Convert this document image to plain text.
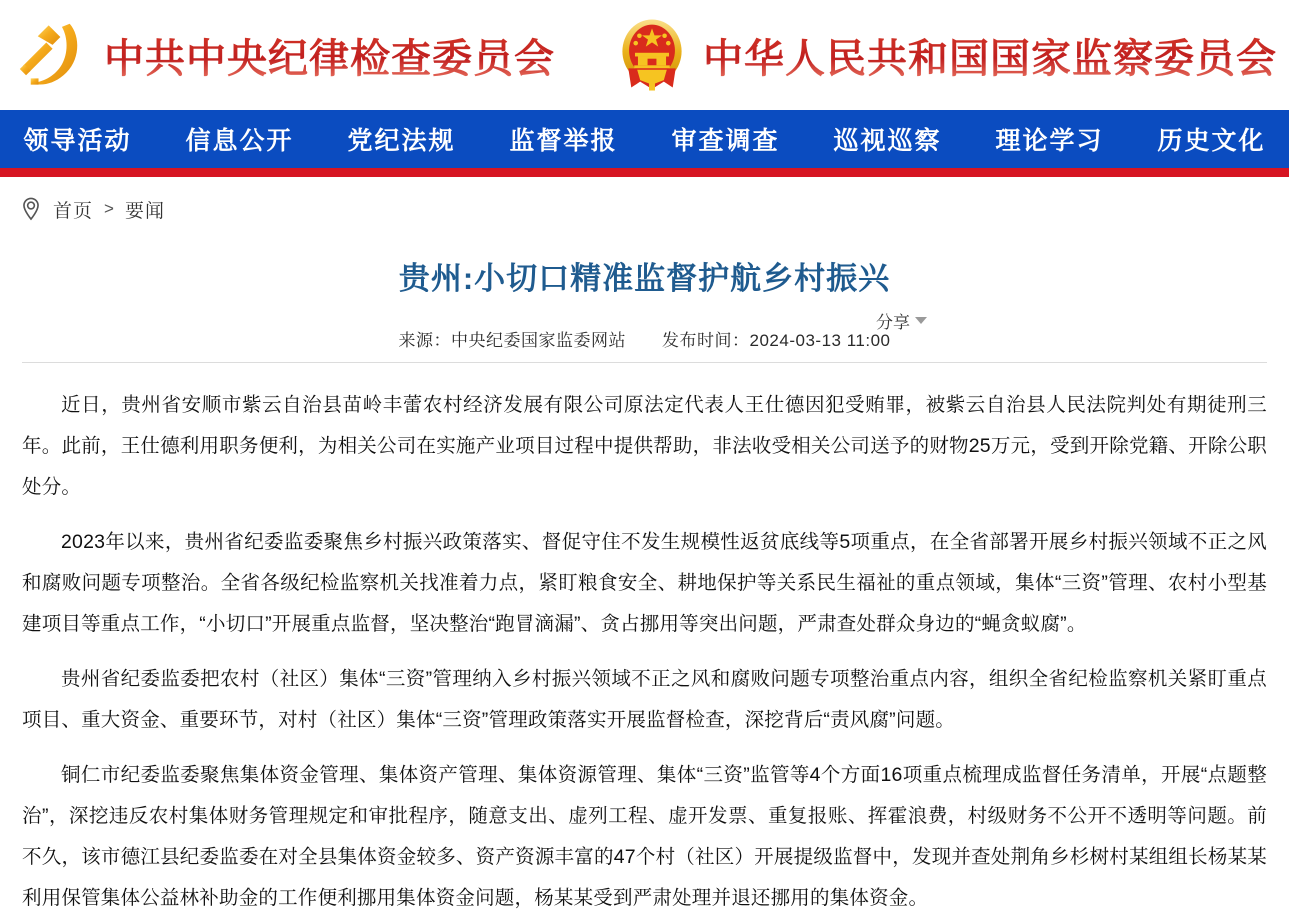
中共中央纪律检查委员会	中华人民共和国国家监察委员会
领导活动	信息公开	党纪法规	监督举报	审查调查	巡视巡察	理论学习	历史文化
首页 > 要闻
贵州:小切口精准监督护航乡村振兴
分享
来源：中央纪委国家监委网站 发布时间：2024-03-13 11:00

近日，贵州省安顺市紫云自治县苗岭丰蕾农村经济发展有限公司原法定代表人王仕德因犯受贿罪，被紫云自治县人民法院判处有期徒刑三年。此前，王仕德利用职务便利，为相关公司在实施产业项目过程中提供帮助，非法收受相关公司送予的财物25万元，受到开除党籍、开除公职处分。

2023年以来，贵州省纪委监委聚焦乡村振兴政策落实、督促守住不发生规模性返贫底线等5项重点，在全省部署开展乡村振兴领域不正之风和腐败问题专项整治。全省各级纪检监察机关找准着力点，紧盯粮食安全、耕地保护等关系民生福祉的重点领域，集体“三资”管理、农村小型基建项目等重点工作，“小切口”开展重点监督，坚决整治“跑冒滴漏”、贪占挪用等突出问题，严肃查处群众身边的“蝇贪蚁腐”。

贵州省纪委监委把农村（社区）集体“三资”管理纳入乡村振兴领域不正之风和腐败问题专项整治重点内容，组织全省纪检监察机关紧盯重点项目、重大资金、重要环节，对村（社区）集体“三资”管理政策落实开展监督检查，深挖背后“责风腐”问题。

铜仁市纪委监委聚焦集体资金管理、集体资产管理、集体资源管理、集体“三资”监管等4个方面16项重点梳理成监督任务清单，开展“点题整治”，深挖违反农村集体财务管理规定和审批程序，随意支出、虚列工程、虚开发票、重复报账、挥霍浪费，村级财务不公开不透明等问题。前不久，该市德江县纪委监委在对全县集体资金较多、资产资源丰富的47个村（社区）开展提级监督中，发现并查处荆角乡杉树村某组组长杨某某利用保管集体公益林补助金的工作便利挪用集体资金问题，杨某某受到严肃处理并退还挪用的集体资金。
